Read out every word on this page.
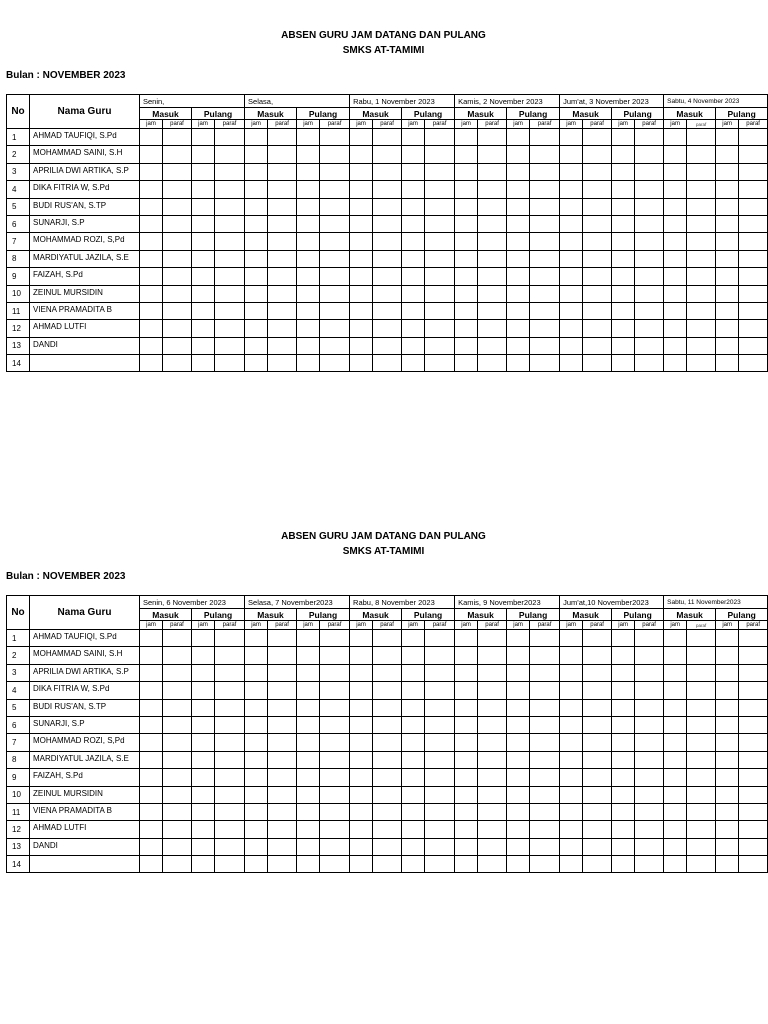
ABSEN GURU JAM DATANG DAN PULANG
SMKS AT-TAMIMI
Bulan : NOVEMBER 2023
No	Nama Guru	Senin,				Selasa,				Rabu, 1 November 2023				Kamis, 2 November 2023				Jum'at, 3 November 2023				Sabtu, 4 November 2023			
		Masuk		Pulang		Masuk		Pulang		Masuk		Pulang		Masuk		Pulang		Masuk		Pulang		Masuk		Pulang	
		jam	paraf	jam	paraf	jam	paraf	jam	paraf	jam	paraf	jam	paraf	jam	paraf	jam	paraf	jam	paraf	jam	paraf	jam	paraf	jam	paraf
1	AHMAD TAUFIQI, S.Pd																								
2	MOHAMMAD SAINI, S.H																								
3	APRILIA DWI ARTIKA, S.P																								
4	DIKA FITRIA W, S.Pd																								
5	BUDI RUS'AN, S.TP																								
6	SUNARJI, S.P																								
7	MOHAMMAD ROZI, S,Pd																								
8	MARDIYATUL JAZILA, S.E																								
9	FAIZAH, S.Pd																								
10	ZEINUL MURSIDIN																								
11	VIENA PRAMADITA B																								
12	AHMAD LUTFI																								
13	DANDI																								
14																									
ABSEN GURU JAM DATANG DAN PULANG
SMKS AT-TAMIMI
Bulan : NOVEMBER 2023
No	Nama Guru	Senin, 6 November 2023				Selasa, 7 November2023				Rabu, 8 November 2023				Kamis, 9 November2023				Jum'at,10 November2023				Sabtu, 11 November2023			
		Masuk		Pulang		Masuk		Pulang		Masuk		Pulang		Masuk		Pulang		Masuk		Pulang		Masuk		Pulang	
		jam	paraf	jam	paraf	jam	paraf	jam	paraf	jam	paraf	jam	paraf	jam	paraf	jam	paraf	jam	paraf	jam	paraf	jam	paraf	jam	paraf
1	AHMAD TAUFIQI, S.Pd																								
2	MOHAMMAD SAINI, S.H																								
3	APRILIA DWI ARTIKA, S.P																								
4	DIKA FITRIA W, S.Pd																								
5	BUDI RUS'AN, S.TP																								
6	SUNARJI, S.P																								
7	MOHAMMAD ROZI, S,Pd																								
8	MARDIYATUL JAZILA, S.E																								
9	FAIZAH, S.Pd																								
10	ZEINUL MURSIDIN																								
11	VIENA PRAMADITA B																								
12	AHMAD LUTFI																								
13	DANDI																								
14																									
